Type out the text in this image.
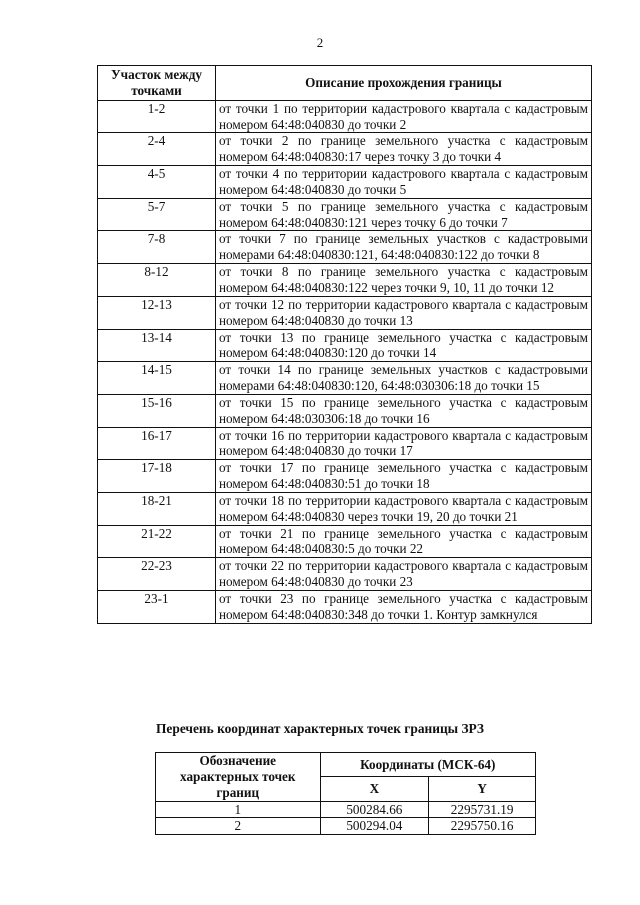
2
Участок между точками	Описание прохождения границы
1-2	от точки 1 по территории кадастрового квартала с кадастровым номером 64:48:040830 до точки 2
2-4	от точки 2 по границе земельного участка с кадастровым номером 64:48:040830:17 через точку 3 до точки 4
4-5	от точки 4 по территории кадастрового квартала с кадастровым номером 64:48:040830 до точки 5
5-7	от точки 5 по границе земельного участка с кадастровым номером 64:48:040830:121 через точку 6 до точки 7
7-8	от точки 7 по границе земельных участков с кадастровыми номерами 64:48:040830:121, 64:48:040830:122 до точки 8
8-12	от точки 8 по границе земельного участка с кадастровым номером 64:48:040830:122 через точки 9, 10, 11 до точки 12
12-13	от точки 12 по территории кадастрового квартала с кадастровым номером 64:48:040830 до точки 13
13-14	от точки 13 по границе земельного участка с кадастровым номером 64:48:040830:120 до точки 14
14-15	от точки 14 по границе земельных участков с кадастровыми номерами 64:48:040830:120, 64:48:030306:18 до точки 15
15-16	от точки 15 по границе земельного участка с кадастровым номером 64:48:030306:18 до точки 16
16-17	от точки 16 по территории кадастрового квартала с кадастровым номером 64:48:040830 до точки 17
17-18	от точки 17 по границе земельного участка с кадастровым номером 64:48:040830:51 до точки 18
18-21	от точки 18 по территории кадастрового квартала с кадастровым номером 64:48:040830 через точки 19, 20 до точки 21
21-22	от точки 21 по границе земельного участка с кадастровым номером 64:48:040830:5 до точки 22
22-23	от точки 22 по территории кадастрового квартала с кадастровым номером 64:48:040830 до точки 23
23-1	от точки 23 по границе земельного участка с кадастровым номером 64:48:040830:348 до точки 1. Контур замкнулся
Перечень координат характерных точек границы ЗРЗ
Обозначение характерных точек границ	Координаты (МСК-64)	
	X	Y
1	500284.66	2295731.19
2	500294.04	2295750.16
